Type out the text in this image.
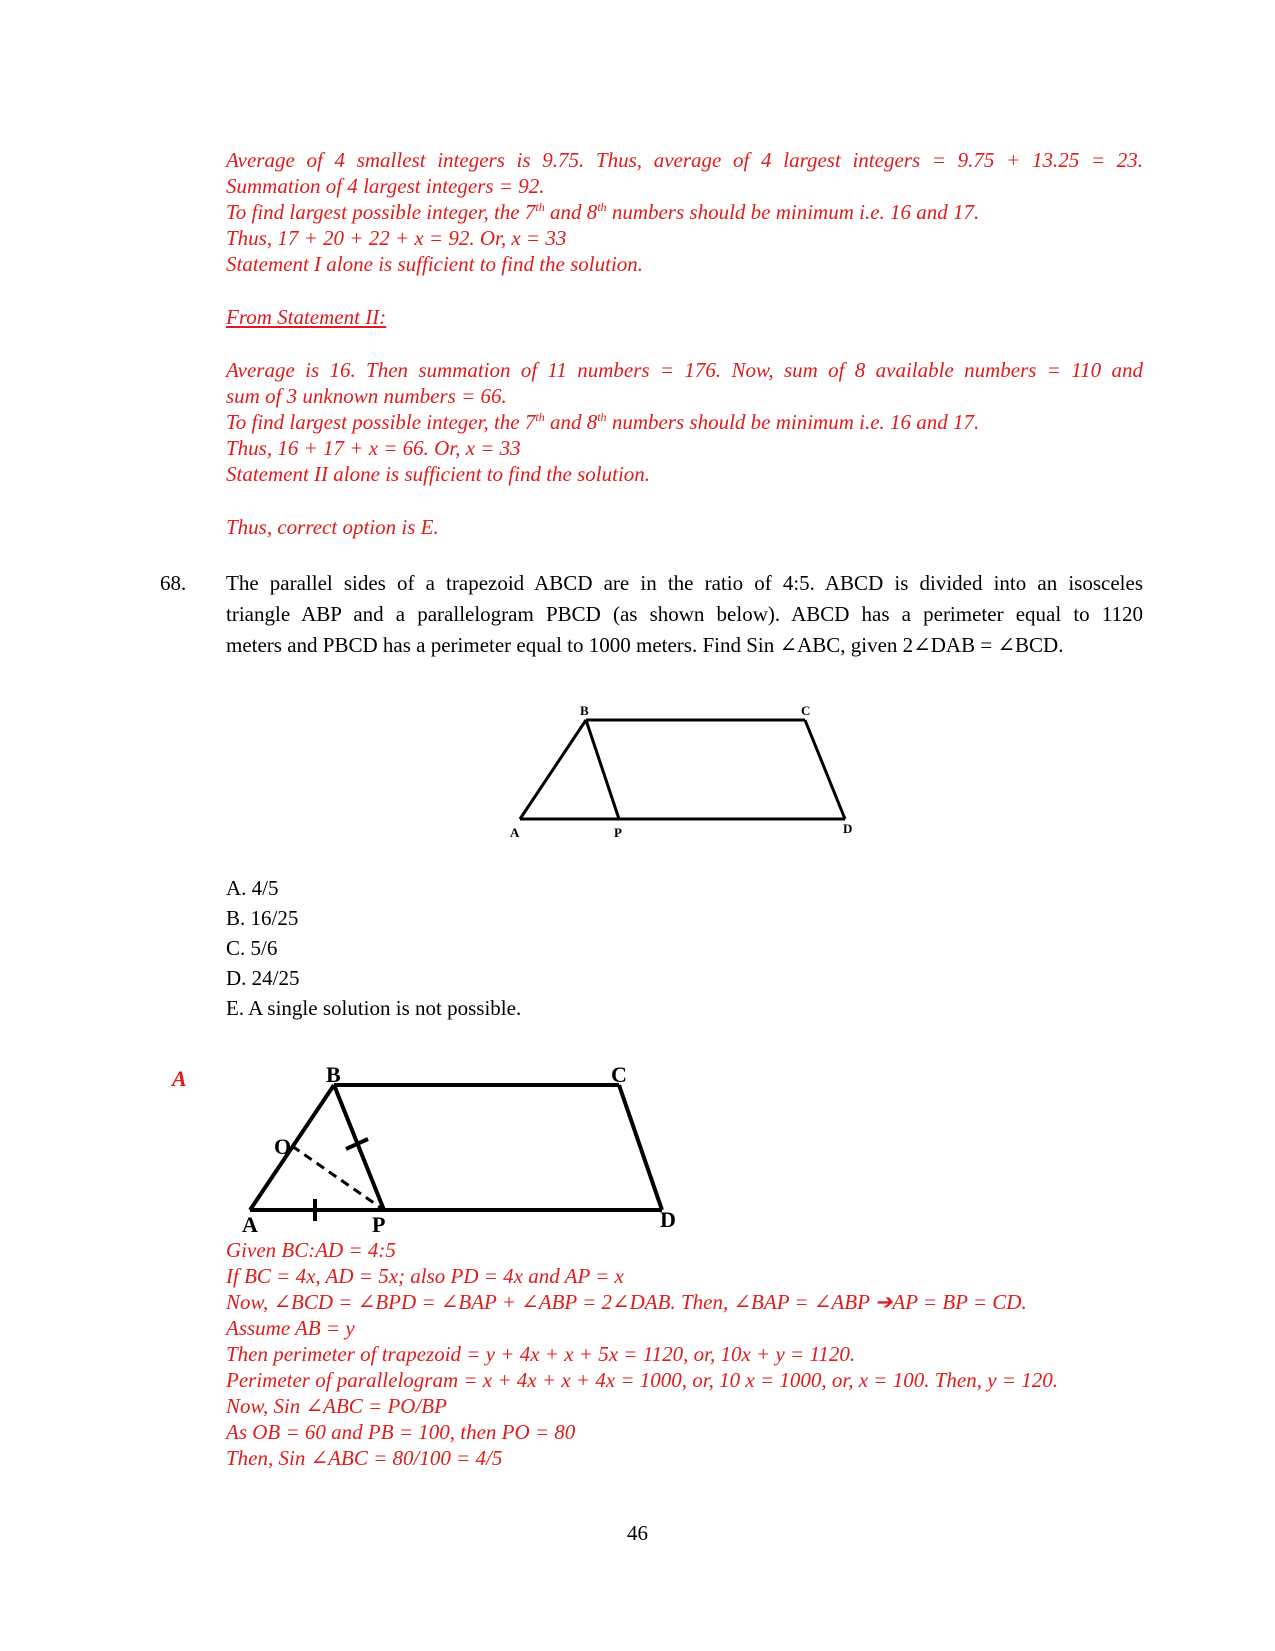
Average of 4 smallest integers is 9.75. Thus, average of 4 largest integers = 9.75 + 13.25 = 23.
Summation of 4 largest integers = 92.
To find largest possible integer, the 7th and 8th numbers should be minimum i.e. 16 and 17.
Thus, 17 + 20 + 22 + x = 92. Or, x = 33
Statement I alone is sufficient to find the solution.
From Statement II:
Average is 16. Then summation of 11 numbers = 176. Now, sum of 8 available numbers = 110 and
sum of 3 unknown numbers = 66.
To find largest possible integer, the 7th and 8th numbers should be minimum i.e. 16 and 17.
Thus, 16 + 17 + x = 66. Or, x = 33
Statement II alone is sufficient to find the solution.
Thus, correct option is E.
68. The parallel sides of a trapezoid ABCD are in the ratio of 4:5. ABCD is divided into an isosceles
triangle ABP and a parallelogram PBCD (as shown below). ABCD has a perimeter equal to 1120
meters and PBCD has a perimeter equal to 1000 meters. Find Sin ∠ABC, given 2∠DAB = ∠BCD.
B	C
A	P	D
A. 4/5
B. 16/25
C. 5/6
D. 24/25
E. A single solution is not possible.
A	B	C
O
A	P	D
Given BC:AD = 4:5
If BC = 4x, AD = 5x; also PD = 4x and AP = x
Now, ∠BCD = ∠BPD = ∠BAP + ∠ABP = 2∠DAB. Then, ∠BAP = ∠ABP ➔AP = BP = CD.
Assume AB = y
Then perimeter of trapezoid = y + 4x + x + 5x = 1120, or, 10x + y = 1120.
Perimeter of parallelogram = x + 4x + x + 4x = 1000, or, 10 x = 1000, or, x = 100. Then, y = 120.
Now, Sin ∠ABC = PO/BP
As OB = 60 and PB = 100, then PO = 80
Then, Sin ∠ABC = 80/100 = 4/5
46
